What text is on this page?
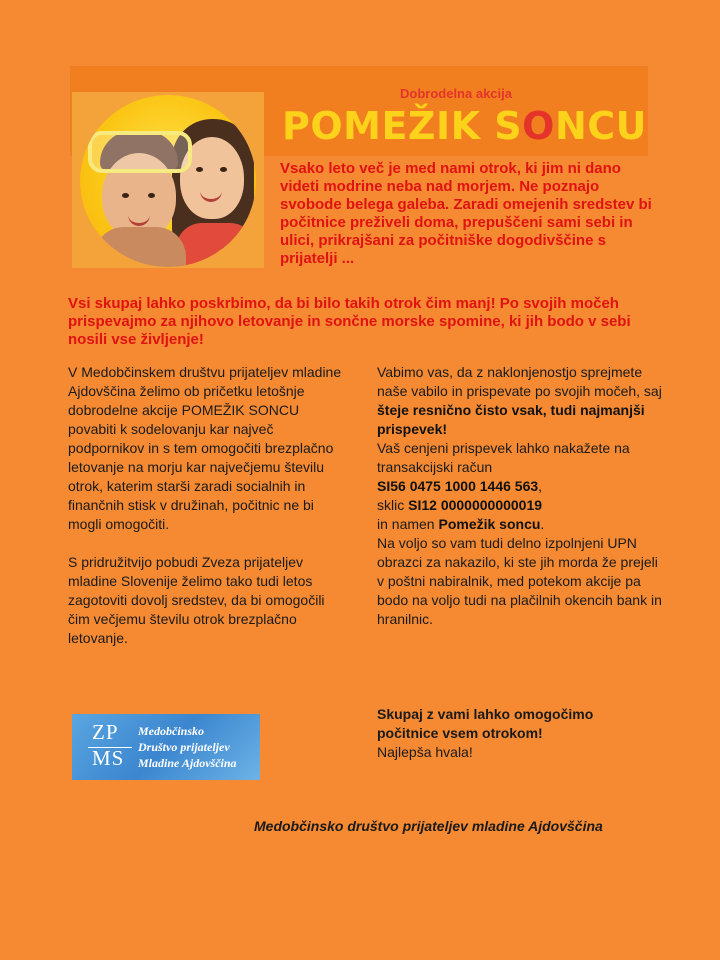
Dobrodelna akcija
POMEŽIK SONCU
Vsako leto več je med nami otrok, ki jim ni dano videti modrine neba nad morjem. Ne poznajo svobode belega galeba. Zaradi omejenih sredstev bi počitnice preživeli doma, prepuščeni sami sebi in ulici, prikrajšani za počitniške dogodivščine s prijatelji ...
Vsi skupaj lahko poskrbimo, da bi bilo takih otrok čim manj! Po svojih močeh prispevajmo za njihovo letovanje in sončne morske spomine, ki jih bodo v sebi nosili vse življenje!

V Medobčinskem društvu prijateljev mladine Ajdovščina želimo ob pričetku letošnje dobrodelne akcije POMEŽIK SONCU povabiti k sodelovanju kar največ podpornikov in s tem omogočiti brezplačno letovanje na morju kar največjemu številu otrok, katerim starši zaradi socialnih in finančnih stisk v družinah, počitnic ne bi mogli omogočiti.

S pridružitvijo pobudi Zveza prijateljev mladine Slovenije želimo tako tudi letos zagotoviti dovolj sredstev, da bi omogočili čim večjemu številu otrok brezplačno letovanje.

Vabimo vas, da z naklonjenostjo sprejmete naše vabilo in prispevate po svojih močeh, saj šteje resnično čisto vsak, tudi najmanjši prispevek!

Vaš cenjeni prispevek lahko nakažete na transakcijski račun

SI56 0475 1000 1446 563,

sklic SI12 0000000000019

in namen Pomežik soncu.

Na voljo so vam tudi delno izpolnjeni UPN obrazci za nakazilo, ki ste jih morda že prejeli v poštni nabiralnik, med potekom akcije pa bodo na voljo tudi na plačilnih okencih bank in hranilnic.

ZP
MS
Medobčinsko
Društvo prijateljev
Mladine Ajdovščina
Skupaj z vami lahko omogočimo počitnice vsem otrokom!
Najlepša hvala!
Medobčinsko društvo prijateljev mladine Ajdovščina
